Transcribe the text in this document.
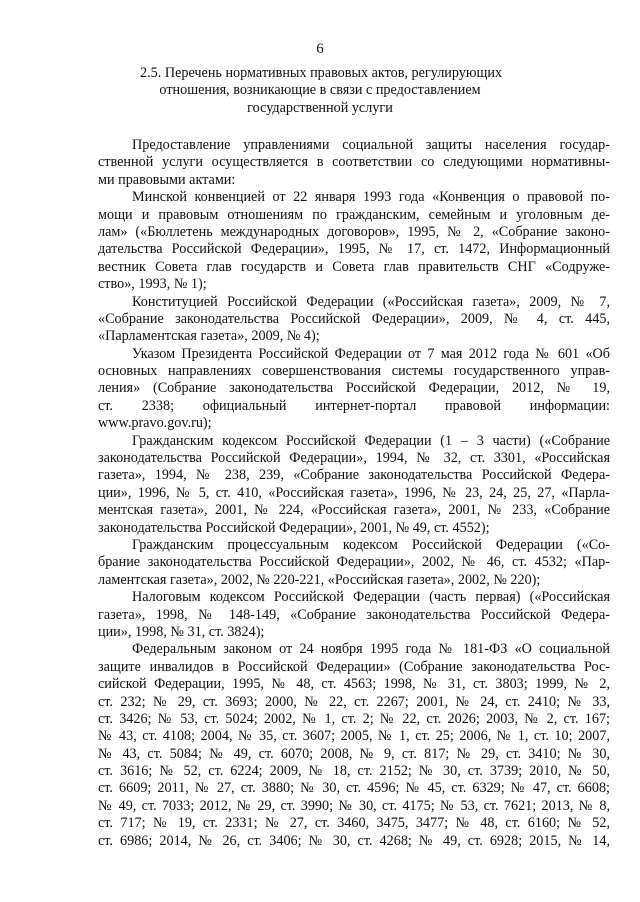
6
2.5. Перечень нормативных правовых актов, регулирующих
отношения, возникающие в связи с предоставлением
государственной услуги
Предоставление управлениями социальной защиты населения государ-
ственной услуги осуществляется в соответствии со следующими нормативны-
ми правовыми актами:
Минской конвенцией от 22 января 1993 года «Конвенция о правовой по-
мощи и правовым отношениям по гражданским, семейным и уголовным де-
лам» («Бюллетень международных договоров», 1995, № 2, «Собрание законо-
дательства Российской Федерации», 1995, № 17, ст. 1472, Информационный
вестник Совета глав государств и Совета глав правительств СНГ «Содруже-
ство», 1993, № 1);
Конституцией Российской Федерации («Российская газета», 2009, № 7,
«Собрание законодательства Российской Федерации», 2009, № 4, ст. 445,
«Парламентская газета», 2009, № 4);
Указом Президента Российской Федерации от 7 мая 2012 года № 601 «Об
основных направлениях совершенствования системы государственного управ-
ления» (Собрание законодательства Российской Федерации, 2012, № 19,
ст. 2338; официальный интернет-портал правовой информации:
www.pravo.gov.ru);
Гражданским кодексом Российской Федерации (1 – 3 части) («Собрание
законодательства Российской Федерации», 1994, № 32, ст. 3301, «Российская
газета», 1994, № 238, 239, «Собрание законодательства Российской Федера-
ции», 1996, № 5, ст. 410, «Российская газета», 1996, № 23, 24, 25, 27, «Парла-
ментская газета», 2001, № 224, «Российская газета», 2001, № 233, «Собрание
законодательства Российской Федерации», 2001, № 49, ст. 4552);
Гражданским процессуальным кодексом Российской Федерации («Со-
брание законодательства Российской Федерации», 2002, № 46, ст. 4532; «Пар-
ламентская газета», 2002, № 220-221, «Российская газета», 2002, № 220);
Налоговым кодексом Российской Федерации (часть первая) («Российская
газета», 1998, № 148-149, «Собрание законодательства Российской Федера-
ции», 1998, № 31, ст. 3824);
Федеральным законом от 24 ноября 1995 года № 181-ФЗ «О социальной
защите инвалидов в Российской Федерации» (Собрание законодательства Рос-
сийской Федерации, 1995, № 48, ст. 4563; 1998, № 31, ст. 3803; 1999, № 2,
ст. 232; № 29, ст. 3693; 2000, № 22, ст. 2267; 2001, № 24, ст. 2410; № 33,
ст. 3426; № 53, ст. 5024; 2002, № 1, ст. 2; № 22, ст. 2026; 2003, № 2, ст. 167;
№ 43, ст. 4108; 2004, № 35, ст. 3607; 2005, № 1, ст. 25; 2006, № 1, ст. 10; 2007,
№ 43, ст. 5084; № 49, ст. 6070; 2008, № 9, ст. 817; № 29, ст. 3410; № 30,
ст. 3616; № 52, ст. 6224; 2009, № 18, ст. 2152; № 30, ст. 3739; 2010, № 50,
ст. 6609; 2011, № 27, ст. 3880; № 30, ст. 4596; № 45, ст. 6329; № 47, ст. 6608;
№ 49, ст. 7033; 2012, № 29, ст. 3990; № 30, ст. 4175; № 53, ст. 7621; 2013, № 8,
ст. 717; № 19, ст. 2331; № 27, ст. 3460, 3475, 3477; № 48, ст. 6160; № 52,
ст. 6986; 2014, № 26, ст. 3406; № 30, ст. 4268; № 49, ст. 6928; 2015, № 14,
